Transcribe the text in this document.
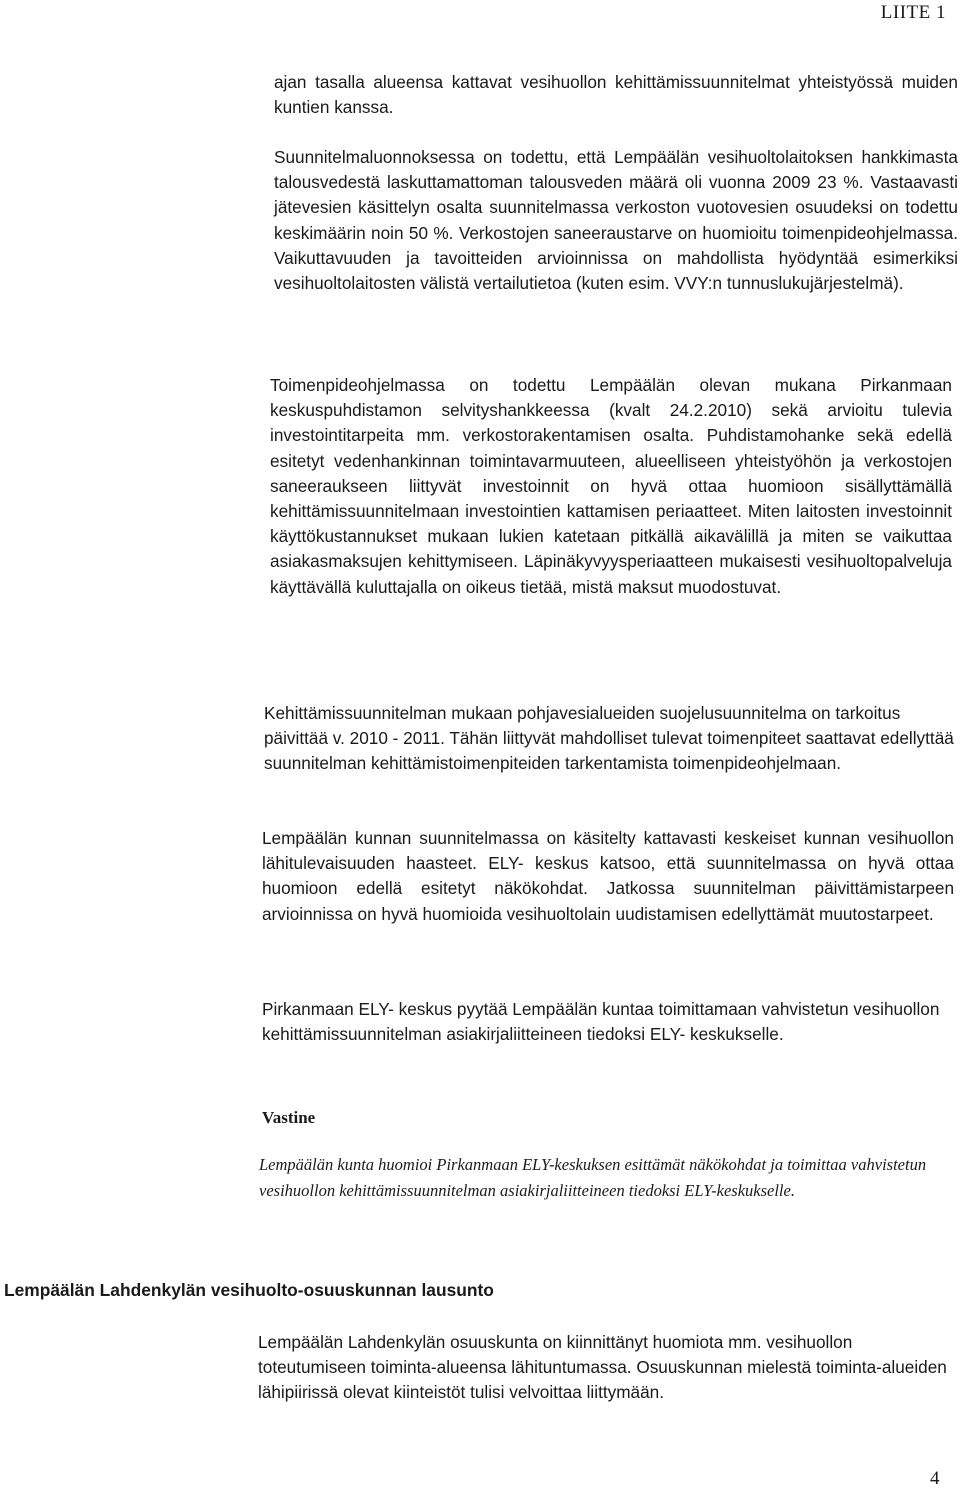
LIITE 1

ajan tasalla alueensa kattavat vesihuollon kehittämissuunnitelmat yhteistyössä muiden kuntien kanssa.

Suunnitelmaluonnoksessa on todettu, että Lempäälän vesihuoltolaitoksen hankkimasta talousvedestä laskuttamattoman talousveden määrä oli vuonna 2009 23 %. Vastaavasti jätevesien käsittelyn osalta suunnitelmassa verkoston vuotovesien osuudeksi on todettu keskimäärin noin 50 %. Verkostojen saneeraustarve on huomioitu toimenpideohjelmassa. Vaikuttavuuden ja tavoitteiden arvioinnissa on mahdollista hyödyntää esimerkiksi vesihuoltolaitosten välistä vertailutietoa (kuten esim. VVY:n tunnuslukujärjestelmä).

Toimenpideohjelmassa on todettu Lempäälän olevan mukana Pirkanmaan keskuspuhdistamon selvityshankkeessa (kvalt 24.2.2010) sekä arvioitu tulevia investointitarpeita mm. verkostorakentamisen osalta. Puhdistamohanke sekä edellä esitetyt vedenhankinnan toimintavarmuuteen, alueelliseen yhteistyöhön ja verkostojen saneeraukseen liittyvät investoinnit on hyvä ottaa huomioon sisällyttämällä kehittämissuunnitelmaan investointien kattamisen periaatteet. Miten laitosten investoinnit käyttökustannukset mukaan lukien katetaan pitkällä aikavälillä ja miten se vaikuttaa asiakasmaksujen kehittymiseen. Läpinäkyvyysperiaatteen mukaisesti vesihuoltopalveluja käyttävällä kuluttajalla on oikeus tietää, mistä maksut muodostuvat.

Kehittämissuunnitelman mukaan pohjavesialueiden suojelusuunnitelma on tarkoitus päivittää v. 2010 - 2011. Tähän liittyvät mahdolliset tulevat toimenpiteet saattavat edellyttää suunnitelman kehittämistoimenpiteiden tarkentamista toimenpideohjelmaan.

Lempäälän kunnan suunnitelmassa on käsitelty kattavasti keskeiset kunnan vesihuollon lähitulevaisuuden haasteet. ELY- keskus katsoo, että suunnitelmassa on hyvä ottaa huomioon edellä esitetyt näkökohdat. Jatkossa suunnitelman päivittämistarpeen arvioinnissa on hyvä huomioida vesihuoltolain uudistamisen edellyttämät muutostarpeet.

Pirkanmaan ELY- keskus pyytää Lempäälän kuntaa toimittamaan vahvistetun vesihuollon kehittämissuunnitelman asiakirjaliitteineen tiedoksi ELY- keskukselle.

Vastine

Lempäälän kunta huomioi Pirkanmaan ELY-keskuksen esittämät näkökohdat ja toimittaa vahvistetun vesihuollon kehittämissuunnitelman asiakirjaliitteineen tiedoksi ELY-keskukselle.

Lempäälän Lahdenkylän vesihuolto-osuuskunnan lausunto

Lempäälän Lahdenkylän osuuskunta on kiinnittänyt huomiota mm. vesihuollon toteutumiseen toiminta-alueensa lähituntumassa. Osuuskunnan mielestä toiminta-alueiden lähipiirissä olevat kiinteistöt tulisi velvoittaa liittymään.

4
